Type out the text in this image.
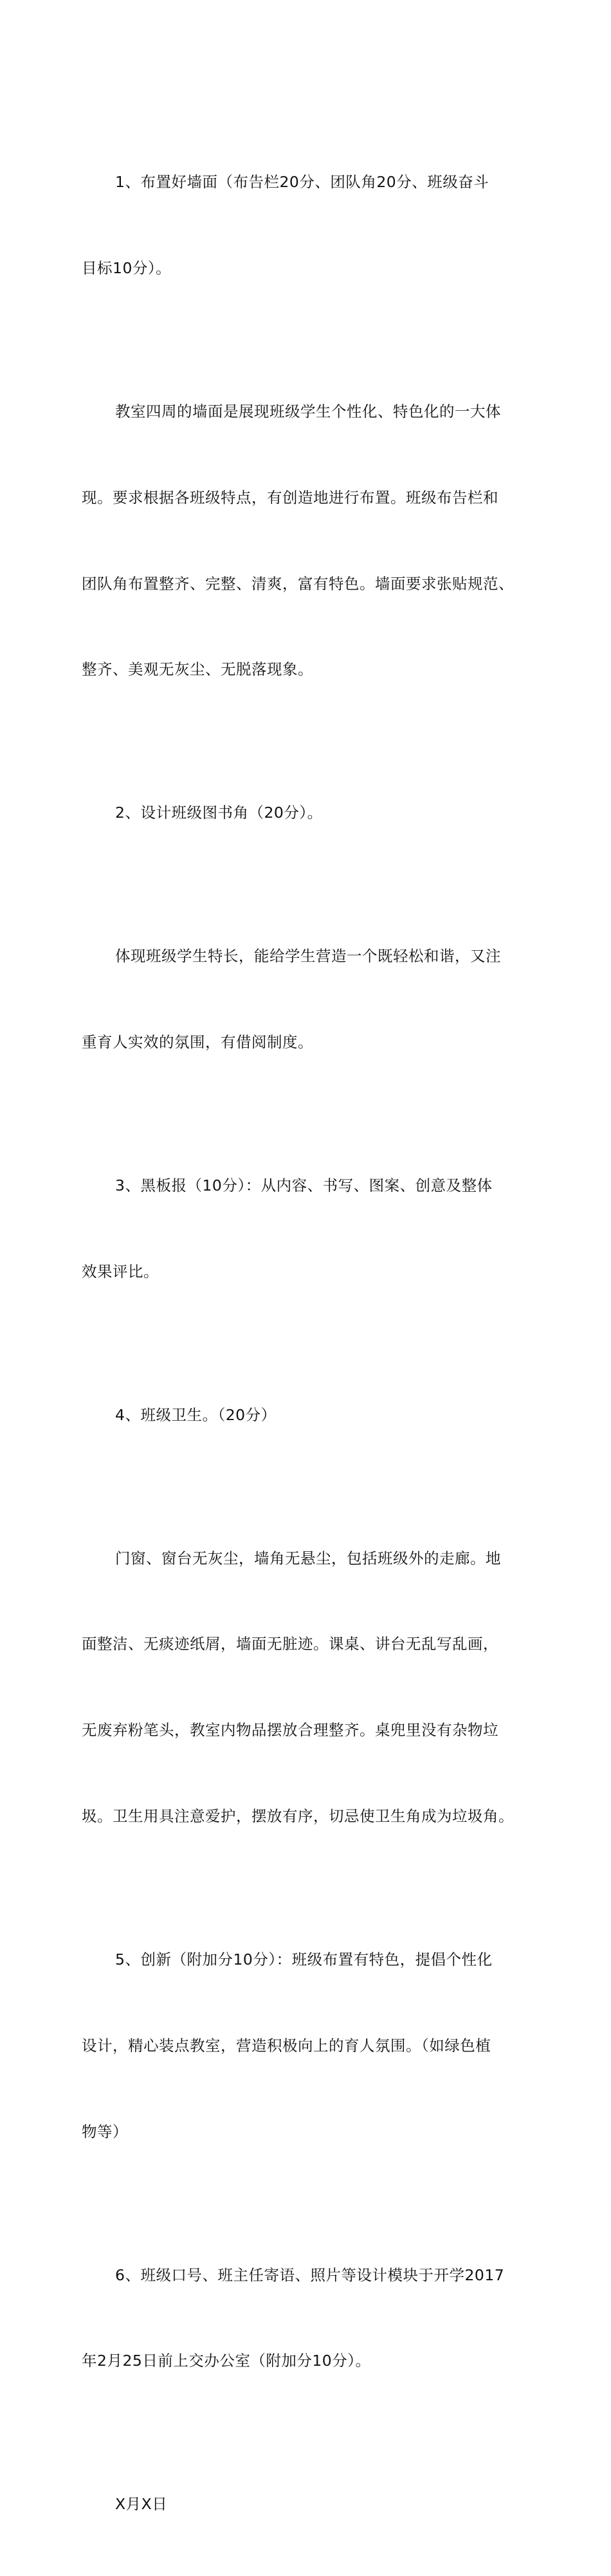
1、布置好墙面（布告栏20分、团队角20分、班级奋斗

目标10分）。

教室四周的墙面是展现班级学生个性化、特色化的一大体

现。要求根据各班级特点，有创造地进行布置。班级布告栏和

团队角布置整齐、完整、清爽，富有特色。墙面要求张贴规范、

整齐、美观无灰尘、无脱落现象。

2、设计班级图书角（20分）。

体现班级学生特长，能给学生营造一个既轻松和谐，又注

重育人实效的氛围，有借阅制度。

3、黑板报（10分）：从内容、书写、图案、创意及整体

效果评比。

4、班级卫生。（20分）

门窗、窗台无灰尘，墙角无悬尘，包括班级外的走廊。地

面整洁、无痰迹纸屑，墙面无脏迹。课桌、讲台无乱写乱画，

无废弃粉笔头，教室内物品摆放合理整齐。桌兜里没有杂物垃

圾。卫生用具注意爱护，摆放有序，切忌使卫生角成为垃圾角。

5、创新（附加分10分）：班级布置有特色，提倡个性化

设计，精心装点教室，营造积极向上的育人氛围。（如绿色植

物等）

6、班级口号、班主任寄语、照片等设计模块于开学2017

年2月25日前上交办公室（附加分10分）。

X月X日
